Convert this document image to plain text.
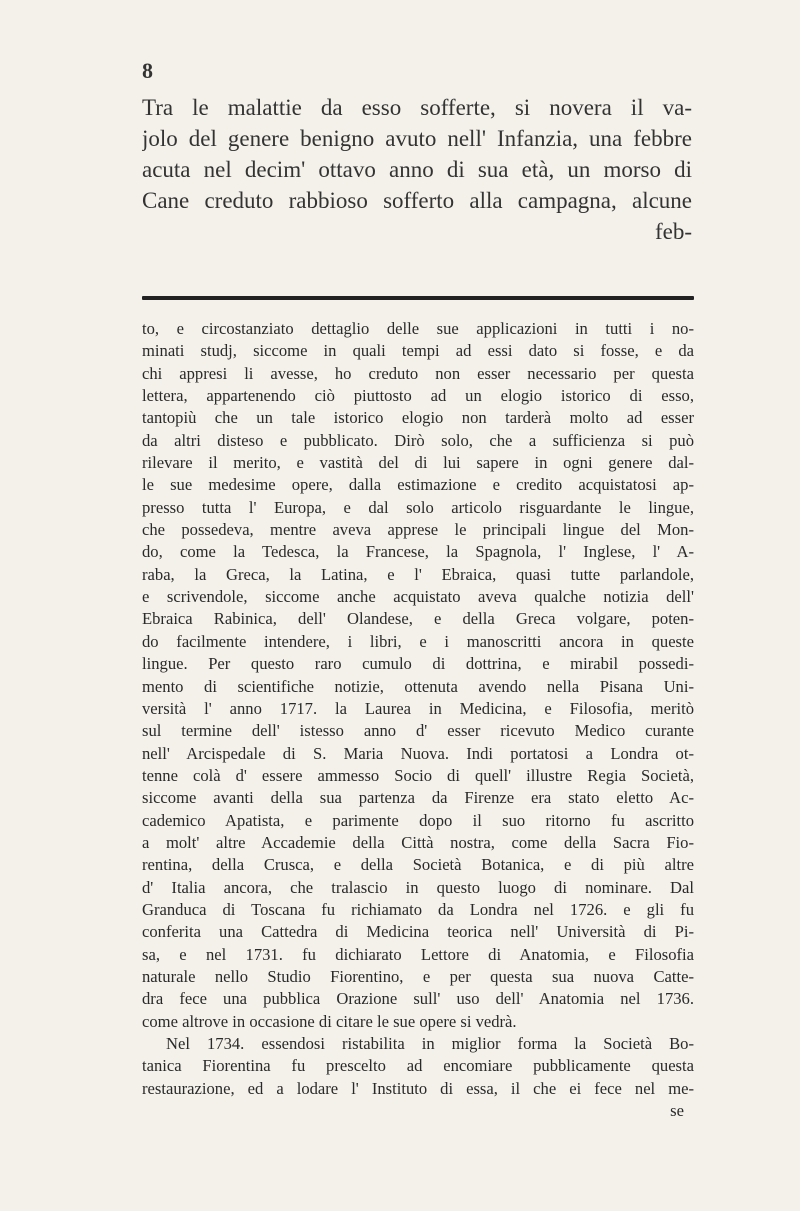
8
Tra le malattie da esso sofferte, si novera il va-
jolo del genere benigno avuto nell' Infanzia, una febbre
acuta nel decim' ottavo anno di sua età, un morso di
Cane creduto rabbioso sofferto alla campagna, alcune
feb-
to, e circostanziato dettaglio delle sue applicazioni in tutti i no-
minati studj, siccome in quali tempi ad essi dato si fosse, e da
chi appresi li avesse, ho creduto non esser necessario per questa
lettera, appartenendo ciò piuttosto ad un elogio istorico di esso,
tantopiù che un tale istorico elogio non tarderà molto ad esser
da altri disteso e pubblicato. Dirò solo, che a sufficienza si può
rilevare il merito, e vastità del di lui sapere in ogni genere dal-
le sue medesime opere, dalla estimazione e credito acquistatosi ap-
presso tutta l' Europa, e dal solo articolo risguardante le lingue,
che possedeva, mentre aveva apprese le principali lingue del Mon-
do, come la Tedesca, la Francese, la Spagnola, l' Inglese, l' A-
raba, la Greca, la Latina, e l' Ebraica, quasi tutte parlandole,
e scrivendole, siccome anche acquistato aveva qualche notizia dell'
Ebraica Rabinica, dell' Olandese, e della Greca volgare, poten-
do facilmente intendere, i libri, e i manoscritti ancora in queste
lingue. Per questo raro cumulo di dottrina, e mirabil possedi-
mento di scientifiche notizie, ottenuta avendo nella Pisana Uni-
versità l' anno 1717. la Laurea in Medicina, e Filosofia, meritò
sul termine dell' istesso anno d' esser ricevuto Medico curante
nell' Arcispedale di S. Maria Nuova. Indi portatosi a Londra ot-
tenne colà d' essere ammesso Socio di quell' illustre Regia Società,
siccome avanti della sua partenza da Firenze era stato eletto Ac-
cademico Apatista, e parimente dopo il suo ritorno fu ascritto
a molt' altre Accademie della Città nostra, come della Sacra Fio-
rentina, della Crusca, e della Società Botanica, e di più altre
d' Italia ancora, che tralascio in questo luogo di nominare. Dal
Granduca di Toscana fu richiamato da Londra nel 1726. e gli fu
conferita una Cattedra di Medicina teorica nell' Università di Pi-
sa, e nel 1731. fu dichiarato Lettore di Anatomia, e Filosofia
naturale nello Studio Fiorentino, e per questa sua nuova Catte-
dra fece una pubblica Orazione sull' uso dell' Anatomia nel 1736.
come altrove in occasione di citare le sue opere si vedrà.
Nel 1734. essendosi ristabilita in miglior forma la Società Bo-
tanica Fiorentina fu prescelto ad encomiare pubblicamente questa
restaurazione, ed a lodare l' Instituto di essa, il che ei fece nel me-
se
